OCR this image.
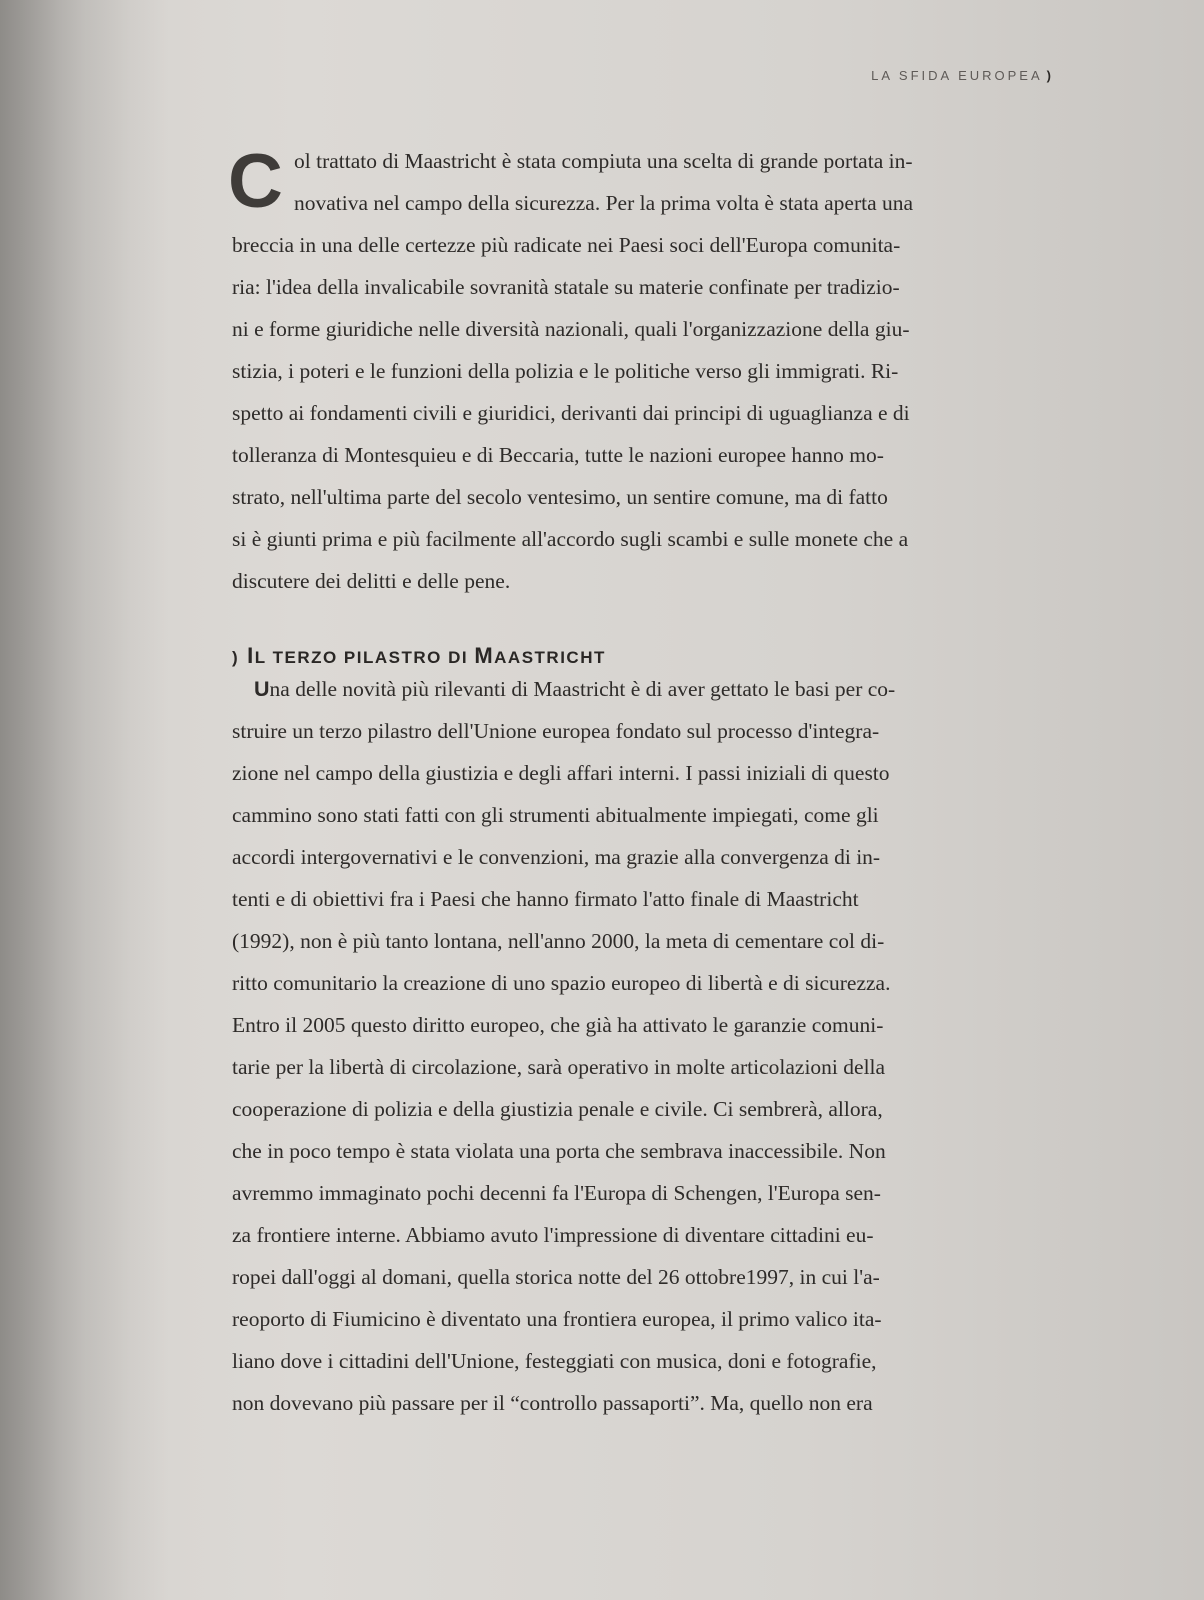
LA SFIDA EUROPEA )
C ol trattato di Maastricht è stata compiuta una scelta di grande portata in-
novativa nel campo della sicurezza. Per la prima volta è stata aperta una
breccia in una delle certezze più radicate nei Paesi soci dell'Europa comunita-
ria: l'idea della invalicabile sovranità statale su materie confinate per tradizio-
ni e forme giuridiche nelle diversità nazionali, quali l'organizzazione della giu-
stizia, i poteri e le funzioni della polizia e le politiche verso gli immigrati. Ri-
spetto ai fondamenti civili e giuridici, derivanti dai principi di uguaglianza e di
tolleranza di Montesquieu e di Beccaria, tutte le nazioni europee hanno mo-
strato, nell'ultima parte del secolo ventesimo, un sentire comune, ma di fatto
si è giunti prima e più facilmente all'accordo sugli scambi e sulle monete che a
discutere dei delitti e delle pene.
) IL TERZO PILASTRO DI MAASTRICHT
Una delle novità più rilevanti di Maastricht è di aver gettato le basi per co-
struire un terzo pilastro dell'Unione europea fondato sul processo d'integra-
zione nel campo della giustizia e degli affari interni. I passi iniziali di questo
cammino sono stati fatti con gli strumenti abitualmente impiegati, come gli
accordi intergovernativi e le convenzioni, ma grazie alla convergenza di in-
tenti e di obiettivi fra i Paesi che hanno firmato l'atto finale di Maastricht
(1992), non è più tanto lontana, nell'anno 2000, la meta di cementare col di-
ritto comunitario la creazione di uno spazio europeo di libertà e di sicurezza.
Entro il 2005 questo diritto europeo, che già ha attivato le garanzie comuni-
tarie per la libertà di circolazione, sarà operativo in molte articolazioni della
cooperazione di polizia e della giustizia penale e civile. Ci sembrerà, allora,
che in poco tempo è stata violata una porta che sembrava inaccessibile. Non
avremmo immaginato pochi decenni fa l'Europa di Schengen, l'Europa sen-
za frontiere interne. Abbiamo avuto l'impressione di diventare cittadini eu-
ropei dall'oggi al domani, quella storica notte del 26 ottobre1997, in cui l'a-
reoporto di Fiumicino è diventato una frontiera europea, il primo valico ita-
liano dove i cittadini dell'Unione, festeggiati con musica, doni e fotografie,
non dovevano più passare per il “controllo passaporti”. Ma, quello non era
